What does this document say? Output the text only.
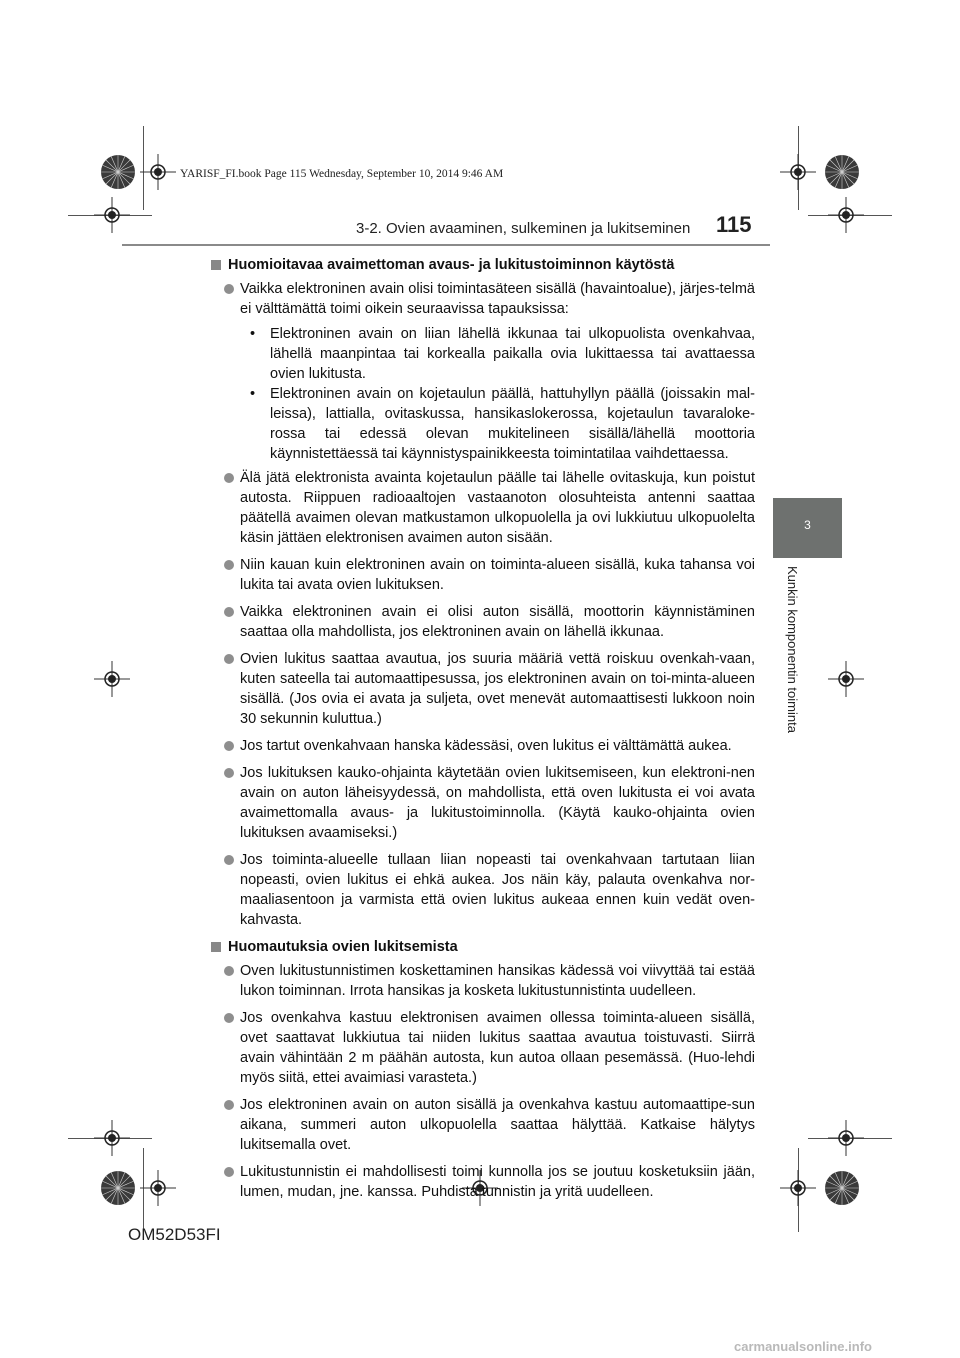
YARISF_FI.book Page 115 Wednesday, September 10, 2014 9:46 AM
3-2. Ovien avaaminen, sulkeminen ja lukitseminen 115
3
Kunkin komponentin toiminta
Huomioitavaa avaimettoman avaus- ja lukitustoiminnon käytöstä
Vaikka elektroninen avain olisi toimintasäteen sisällä (havaintoalue), järjes-telmä ei välttämättä toimi oikein seuraavissa tapauksissa:
• Elektroninen avain on liian lähellä ikkunaa tai ulkopuolista ovenkahvaa, lähellä maanpintaa tai korkealla paikalla ovia lukittaessa tai avattaessa ovien lukitusta.
• Elektroninen avain on kojetaulun päällä, hattuhyllyn päällä (joissakin mal-leissa), lattialla, ovitaskussa, hansikaslokerossa, kojetaulun tavaraloke-rossa tai edessä olevan mukitelineen sisällä/lähellä moottoria käynnistettäessä tai käynnistyspainikkeesta toimintatilaa vaihdettaessa.
Älä jätä elektronista avainta kojetaulun päälle tai lähelle ovitaskuja, kun poistut autosta. Riippuen radioaaltojen vastaanoton olosuhteista antenni saattaa päätellä avaimen olevan matkustamon ulkopuolella ja ovi lukkiutuu ulkopuolelta käsin jättäen elektronisen avaimen auton sisään.
Niin kauan kuin elektroninen avain on toiminta-alueen sisällä, kuka tahansa voi lukita tai avata ovien lukituksen.
Vaikka elektroninen avain ei olisi auton sisällä, moottorin käynnistäminen saattaa olla mahdollista, jos elektroninen avain on lähellä ikkunaa.
Ovien lukitus saattaa avautua, jos suuria määriä vettä roiskuu ovenkah-vaan, kuten sateella tai automaattipesussa, jos elektroninen avain on toi-minta-alueen sisällä. (Jos ovia ei avata ja suljeta, ovet menevät automaattisesti lukkoon noin 30 sekunnin kuluttua.)
Jos tartut ovenkahvaan hanska kädessäsi, oven lukitus ei välttämättä aukea.
Jos lukituksen kauko-ohjainta käytetään ovien lukitsemiseen, kun elektroni-nen avain on auton läheisyydessä, on mahdollista, että oven lukitusta ei voi avata avaimettomalla avaus- ja lukitustoiminnolla. (Käytä kauko-ohjainta ovien lukituksen avaamiseksi.)
Jos toiminta-alueelle tullaan liian nopeasti tai ovenkahvaan tartutaan liian nopeasti, ovien lukitus ei ehkä aukea. Jos näin käy, palauta ovenkahva nor-maaliasentoon ja varmista että ovien lukitus aukeaa ennen kuin vedät oven-kahvasta.
Huomautuksia ovien lukitsemista
Oven lukitustunnistimen koskettaminen hansikas kädessä voi viivyttää tai estää lukon toiminnan. Irrota hansikas ja kosketa lukitustunnistinta uudelleen.
Jos ovenkahva kastuu elektronisen avaimen ollessa toiminta-alueen sisällä, ovet saattavat lukkiutua tai niiden lukitus saattaa avautua toistuvasti. Siirrä avain vähintään 2 m päähän autosta, kun autoa ollaan pesemässä. (Huo-lehdi myös siitä, ettei avaimiasi varasteta.)
Jos elektroninen avain on auton sisällä ja ovenkahva kastuu automaattipe-sun aikana, summeri auton ulkopuolella saattaa hälyttää. Katkaise hälytys lukitsemalla ovet.
Lukitustunnistin ei mahdollisesti toimi kunnolla jos se joutuu kosketuksiin jään, lumen, mudan, jne. kanssa. Puhdista tunnistin ja yritä uudelleen.
OM52D53FI
carmanualsonline.info
